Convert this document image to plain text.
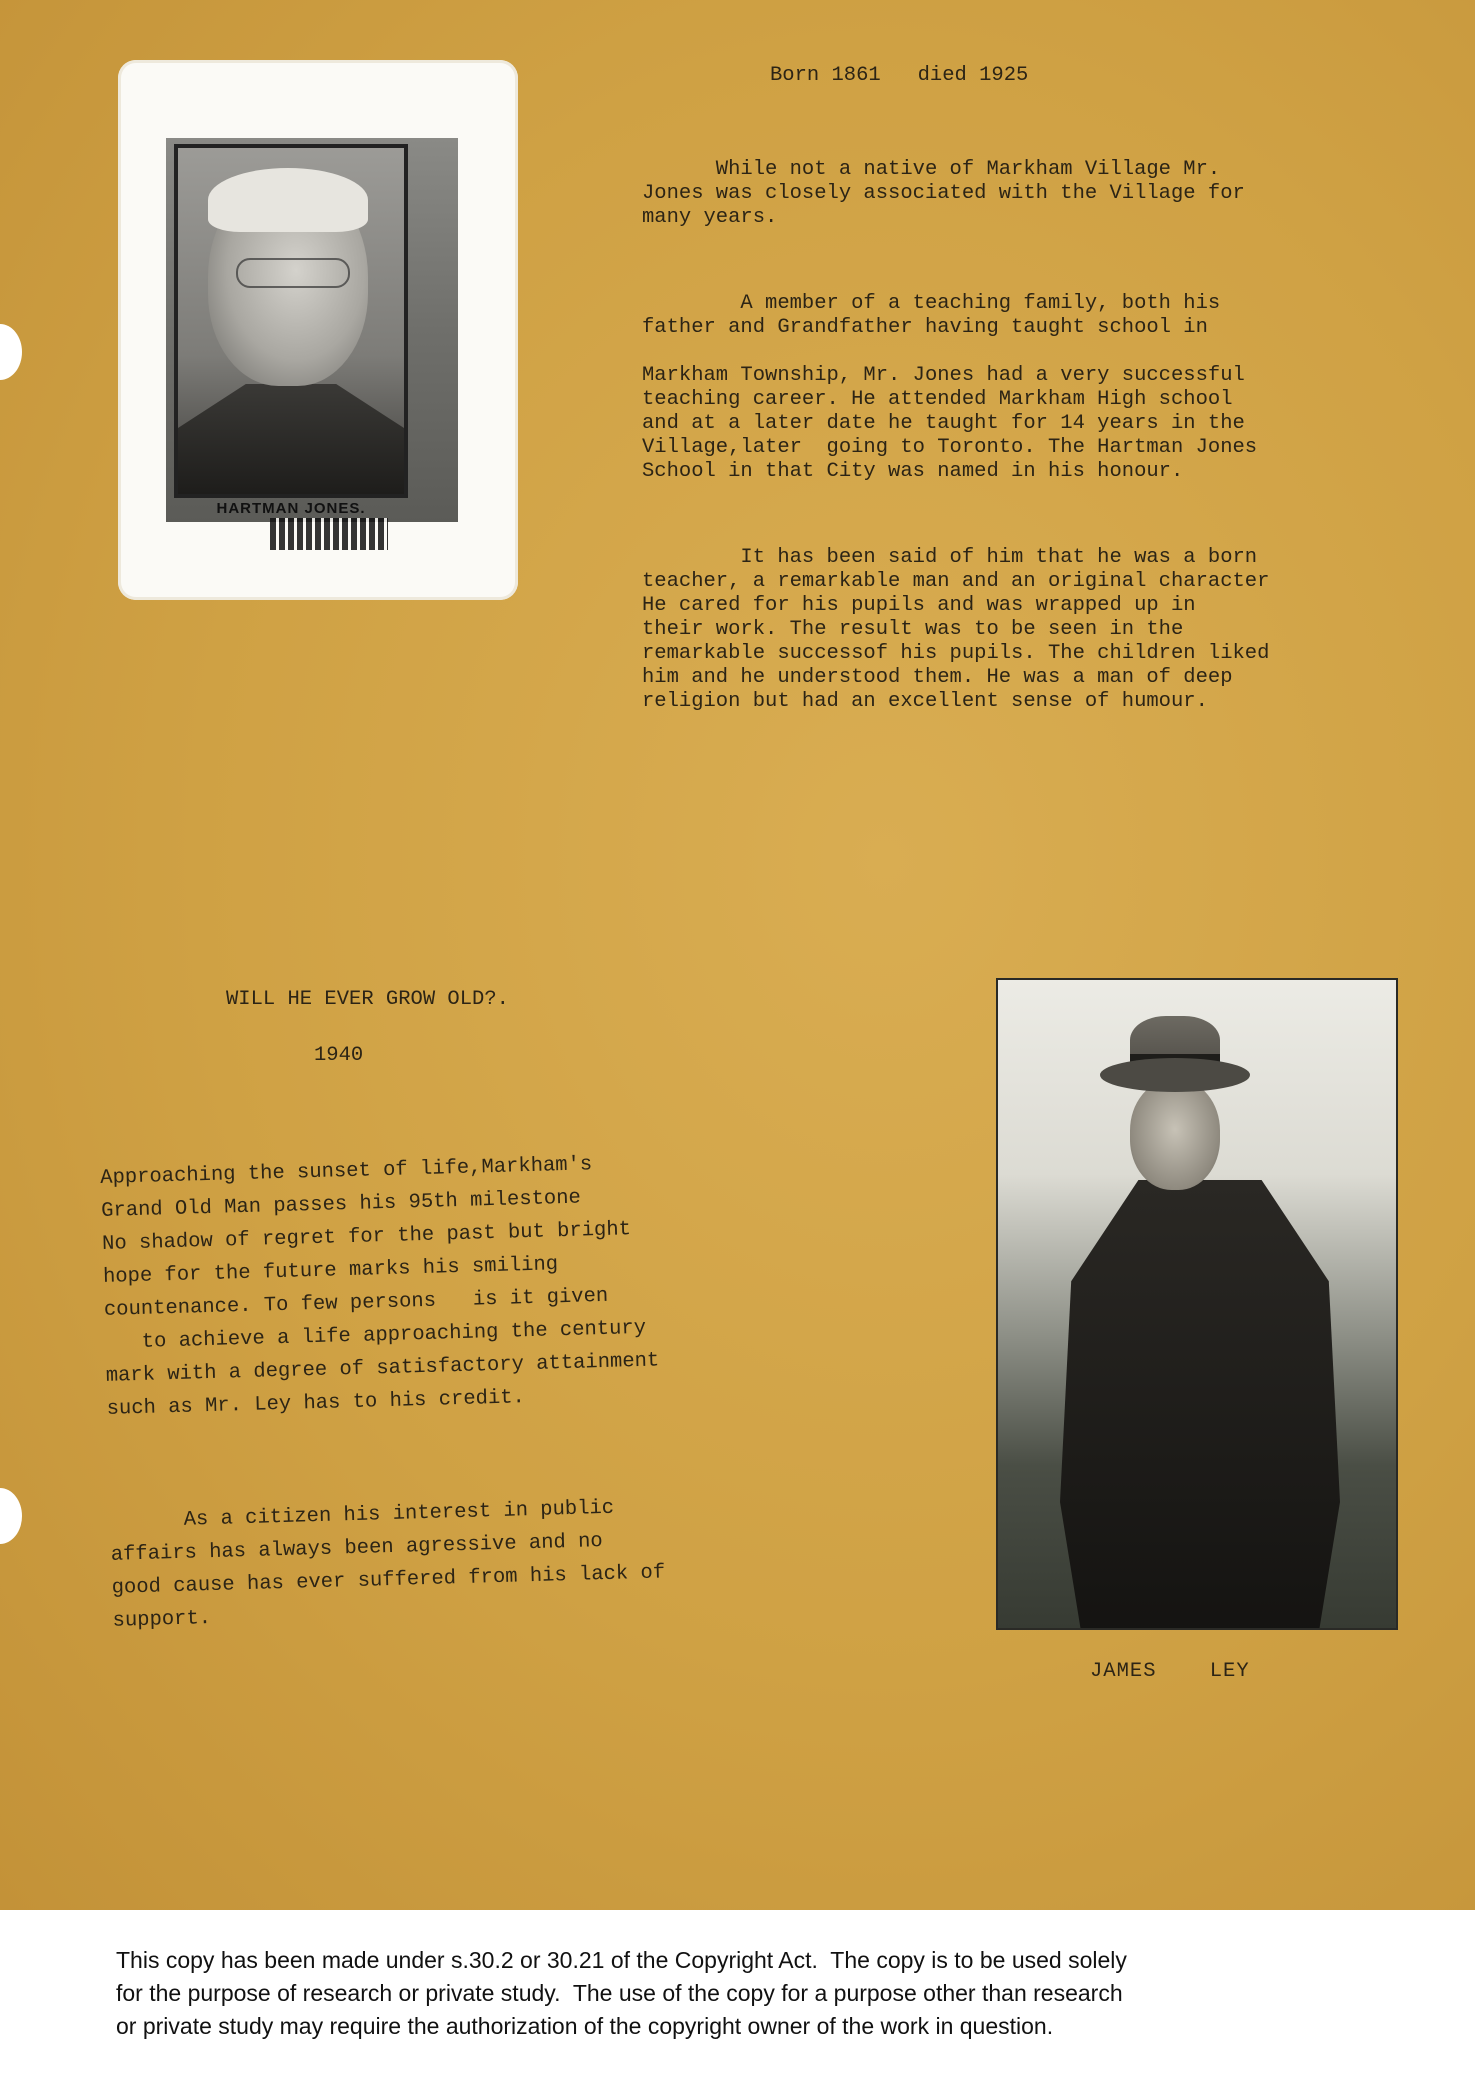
HARTMAN JONES.
Born 1861   died 1925

While not a native of Markham Village Mr.
Jones was closely associated with the Village for
many years.

A member of a teaching family, both his
father and Grandfather having taught school in

Markham Township, Mr. Jones had a very successful
teaching career. He attended Markham High school
and at a later date he taught for 14 years in the
Village,later  going to Toronto. The Hartman Jones
School in that City was named in his honour.

It has been said of him that he was a born
teacher, a remarkable man and an original character
He cared for his pupils and was wrapped up in
their work. The result was to be seen in the
remarkable successof his pupils. The children liked
him and he understood them. He was a man of deep
religion but had an excellent sense of humour.

WILL HE EVER GROW OLD?.
1940

Approaching the sunset of life,Markham's
Grand Old Man passes his 95th milestone
No shadow of regret for the past but bright
hope for the future marks his smiling
countenance. To few persons   is it given
to achieve a life approaching the century
mark with a degree of satisfactory attainment
such as Mr. Ley has to his credit.

As a citizen his interest in public
affairs has always been agressive and no
good cause has ever suffered from his lack of
support.

JAMES    LEY

This copy has been made under s.30.2 or 30.21 of the Copyright Act.  The copy is to be used solely
for the purpose of research or private study.  The use of the copy for a purpose other than research
or private study may require the authorization of the copyright owner of the work in question.
